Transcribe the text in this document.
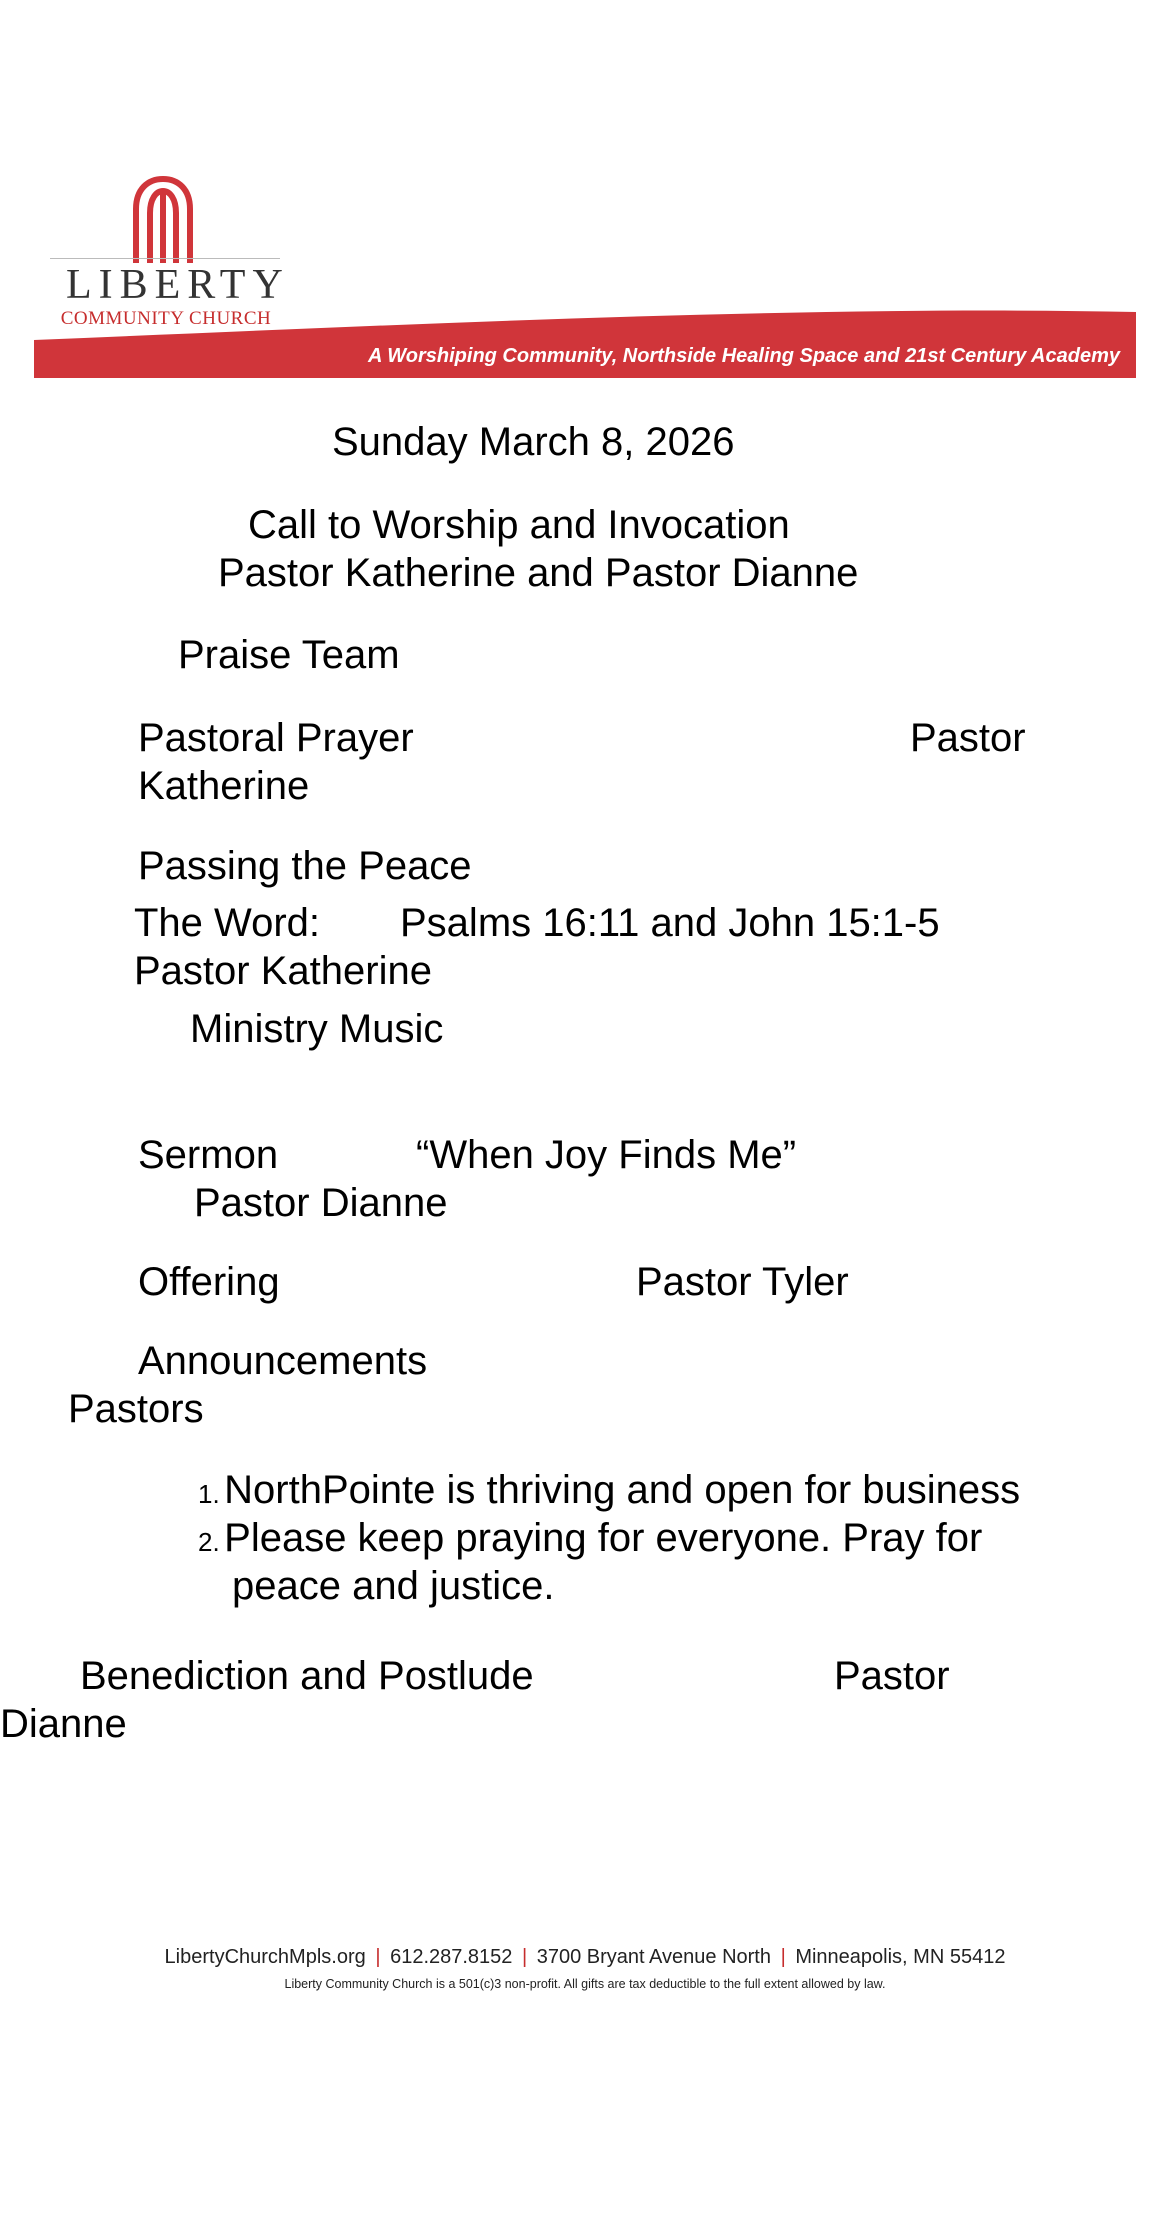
LIBERTY
COMMUNITY CHURCH
A Worshiping Community, Northside Healing Space and 21st Century Academy
Sunday March 8, 2026
Call to Worship and Invocation
Pastor Katherine and Pastor Dianne
Praise Team
Pastoral Prayer	Pastor
Katherine
Passing the Peace
The Word: Psalms 16:11 and John 15:1-5
Pastor Katherine
Ministry Music
Sermon	“When Joy Finds Me”
Pastor Dianne
Offering	Pastor Tyler
Announcements
Pastors
1. NorthPointe is thriving and open for business
2. Please keep praying for everyone. Pray for
peace and justice.
Benediction and Postlude	Pastor
Dianne
LibertyChurchMpls.org | 612.287.8152 | 3700 Bryant Avenue North | Minneapolis, MN 55412
Liberty Community Church is a 501(c)3 non-profit. All gifts are tax deductible to the full extent allowed by law.
